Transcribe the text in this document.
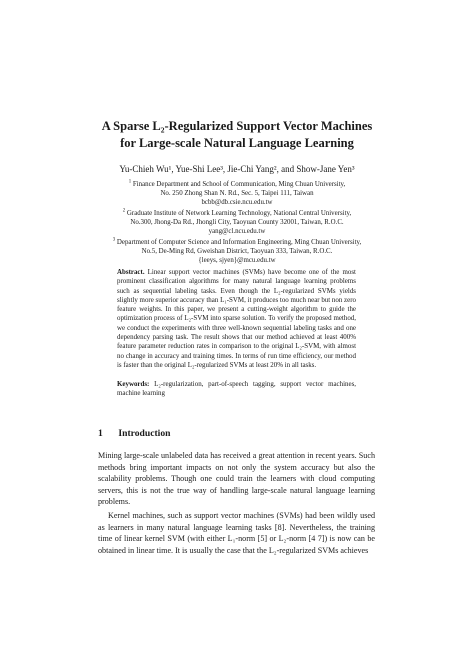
A Sparse L₂-Regularized Support Vector Machines
for Large-scale Natural Language Learning
Yu-Chieh Wu¹, Yue-Shi Lee³, Jie-Chi Yang², and Show-Jane Yen³
$^1$ Finance Department and School of Communication, Ming Chuan University,
No. 250 Zhong Shan N. Rd., Sec. 5, Taipei 111, Taiwan
bcbb@db.csie.ncu.edu.tw
$^2$ Graduate Institute of Network Learning Technology, National Central University,
No.300, Jhong-Da Rd., Jhongli City, Taoyuan County 32001, Taiwan, R.O.C.
yang@cl.ncu.edu.tw
$^3$ Department of Computer Science and Information Engineering, Ming Chuan University,
No.5, De-Ming Rd, Gweishan District, Taoyuan 333, Taiwan, R.O.C.
{leeys, sjyen}@mcu.edu.tw
Abstract. Linear support vector machines (SVMs) have become one of the most prominent classification algorithms for many natural language learning problems such as sequential labeling tasks. Even though the L₂-regularized SVMs yields slightly more superior accuracy than L₁-SVM, it produces too much near but non zero feature weights. In this paper, we present a cutting-weight algorithm to guide the optimization process of L₂-SVM into sparse solution. To verify the proposed method, we conduct the experiments with three well-known sequential labeling tasks and one dependency parsing task. The result shows that our method achieved at least 400% feature parameter reduction rates in comparison to the original L₂-SVM, with almost no change in accuracy and training times. In terms of run time efficiency, our method is faster than the original L₂-regularized SVMs at least 20% in all tasks.
Keywords: L₂-regularization, part-of-speech tagging, support vector machines, machine learning
1 Introduction

Mining large-scale unlabeled data has received a great attention in recent years. Such methods bring important impacts on not only the system accuracy but also the scalability problems. Though one could train the learners with cloud computing servers, this is not the true way of handling large-scale natural language learning problems.

Kernel machines, such as support vector machines (SVMs) had been wildly used as learners in many natural language learning tasks [8]. Nevertheless, the training time of linear kernel SVM (with either L₁-norm [5] or L₂-norm [4 7]) is now can be obtained in linear time. It is usually the case that the L₂-regularized SVMs achieves
